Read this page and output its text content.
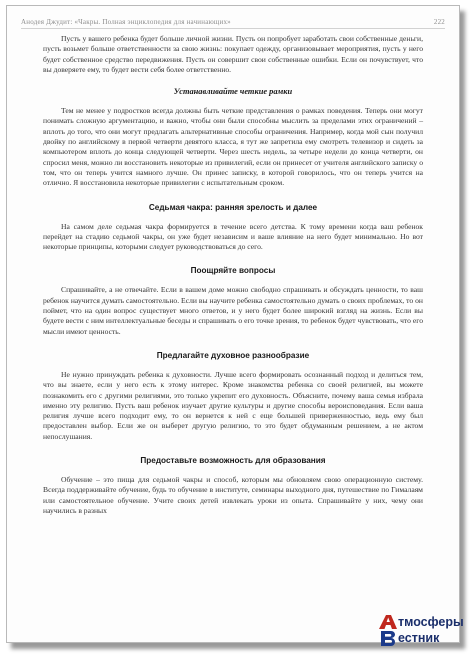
Анодея Джудит: «Чакры. Полная энциклопедия для начинающих»	222

Пусть у вашего ребенка будет больше личной жизни. Пусть он попробует заработать свои собственные деньги, пусть возьмет больше ответственности за свою жизнь: покупает одежду, организовывает мероприятия, пусть у него будет собственное средство передвижения. Пусть он совершит свои собственные ошибки. Если он почувствует, что вы доверяете ему, то будет вести себя более ответственно.

Устанавливайте четкие рамки

Тем не менее у подростков всегда должны быть четкие представления о рамках поведения. Теперь они могут понимать сложную аргументацию, и важно, чтобы они были способны мыслить за пределами этих ограничений – вплоть до того, что они могут предлагать альтернативные способы ограничения. Например, когда мой сын получил двойку по английскому в первой четверти девятого класса, я тут же запретила ему смотреть телевизор и сидеть за компьютером вплоть до конца следующей четверти. Через шесть недель, за четыре недели до конца четверти, он спросил меня, можно ли восстановить некоторые из привилегий, если он принесет от учителя английского записку о том, что он теперь учится намного лучше. Он принес записку, в которой говорилось, что он теперь учится на отлично. Я восстановила некоторые привилегии с испытательным сроком.

Седьмая чакра: ранняя зрелость и далее

На самом деле седьмая чакра формируется в течение всего детства. К тому времени когда ваш ребенок перейдет на стадию седьмой чакры, он уже будет независим и ваше влияние на него будет минимально. Но вот некоторые принципы, которыми следует руководствоваться до сего.

Поощряйте вопросы

Спрашивайте, а не отвечайте. Если в вашем доме можно свободно спрашивать и обсуждать ценности, то ваш ребенок научится думать самостоятельно. Если вы научите ребенка самостоятельно думать о своих проблемах, то он поймет, что на один вопрос существует много ответов, и у него будет более широкий взгляд на жизнь. Если вы будете вести с ним интеллектуальные беседы и спрашивать о его точке зрения, то ребенок будет чувствовать, что его мысли имеют ценность.

Предлагайте духовное разнообразие

Не нужно принуждать ребенка к духовности. Лучше всего формировать осознанный подход и делиться тем, что вы знаете, если у него есть к этому интерес. Кроме знакомства ребенка со своей религией, вы можете познакомить его с другими религиями, это только укрепит его духовность. Объясните, почему ваша семья избрала именно эту религию. Пусть ваш ребенок изучает другие культуры и другие способы вероисповедания. Если ваша религия лучше всего подходит ему, то он вернется к ней с еще большей приверженностью, ведь ему был предоставлен выбор. Если же он выберет другую религию, то это будет обдуманным решением, а не актом непослушания.

Предоставьте возможность для образования

Обучение – это пища для седьмой чакры и способ, которым мы обновляем свою операционную систему. Всегда поддерживайте обучение, будь то обучение в институте, семинары выходного дня, путешествие по Гималаям или самостоятельное обучение. Учите своих детей извлекать уроки из опыта. Спрашивайте у них, чему они научились в разных

тмосферы
естник
